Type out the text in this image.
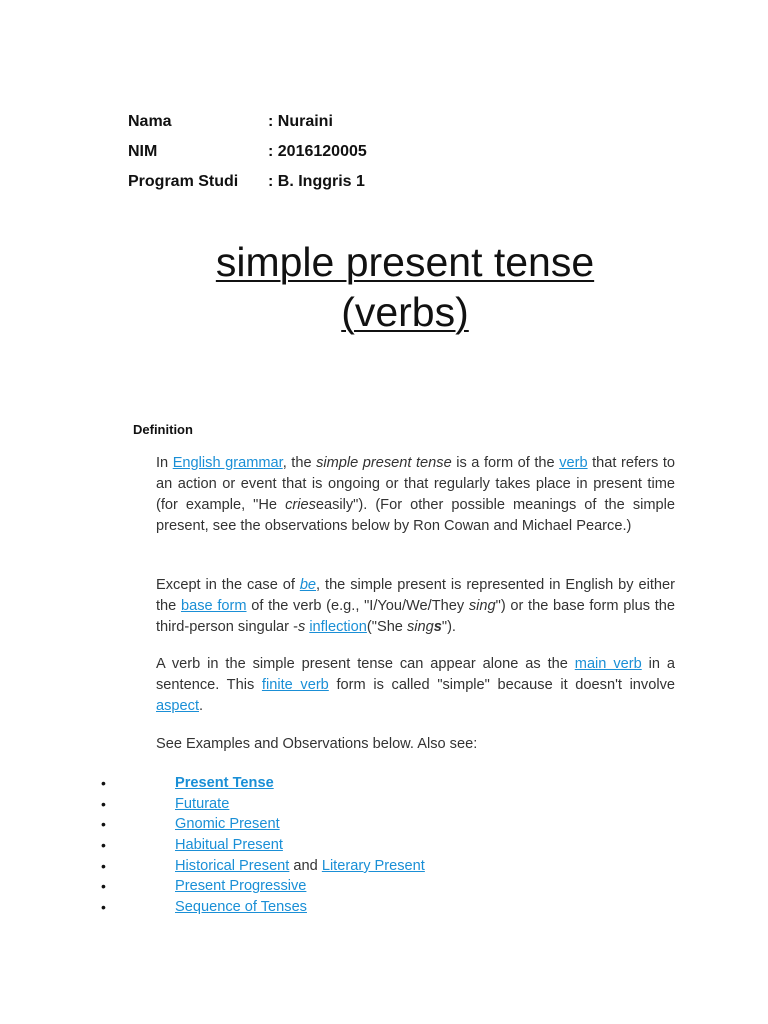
Nama	: Nuraini
NIM	: 2016120005
Program Studi	: B. Inggris 1
simple present tense
(verbs)
Definition
In English grammar, the simple present tense is a form of the verb that refers to an action or event that is ongoing or that regularly takes place in present time (for example, "He crieseasily"). (For other possible meanings of the simple present, see the observations below by Ron Cowan and Michael Pearce.)
Except in the case of be, the simple present is represented in English by either the base form of the verb (e.g., "I/You/We/They sing") or the base form plus the third-person singular -s inflection("She sings").
A verb in the simple present tense can appear alone as the main verb in a sentence. This finite verb form is called "simple" because it doesn't involve aspect.
See Examples and Observations below. Also see:
•	Present Tense
•	Futurate
•	Gnomic Present
•	Habitual Present
•	Historical Present and Literary Present
•	Present Progressive
•	Sequence of Tenses
